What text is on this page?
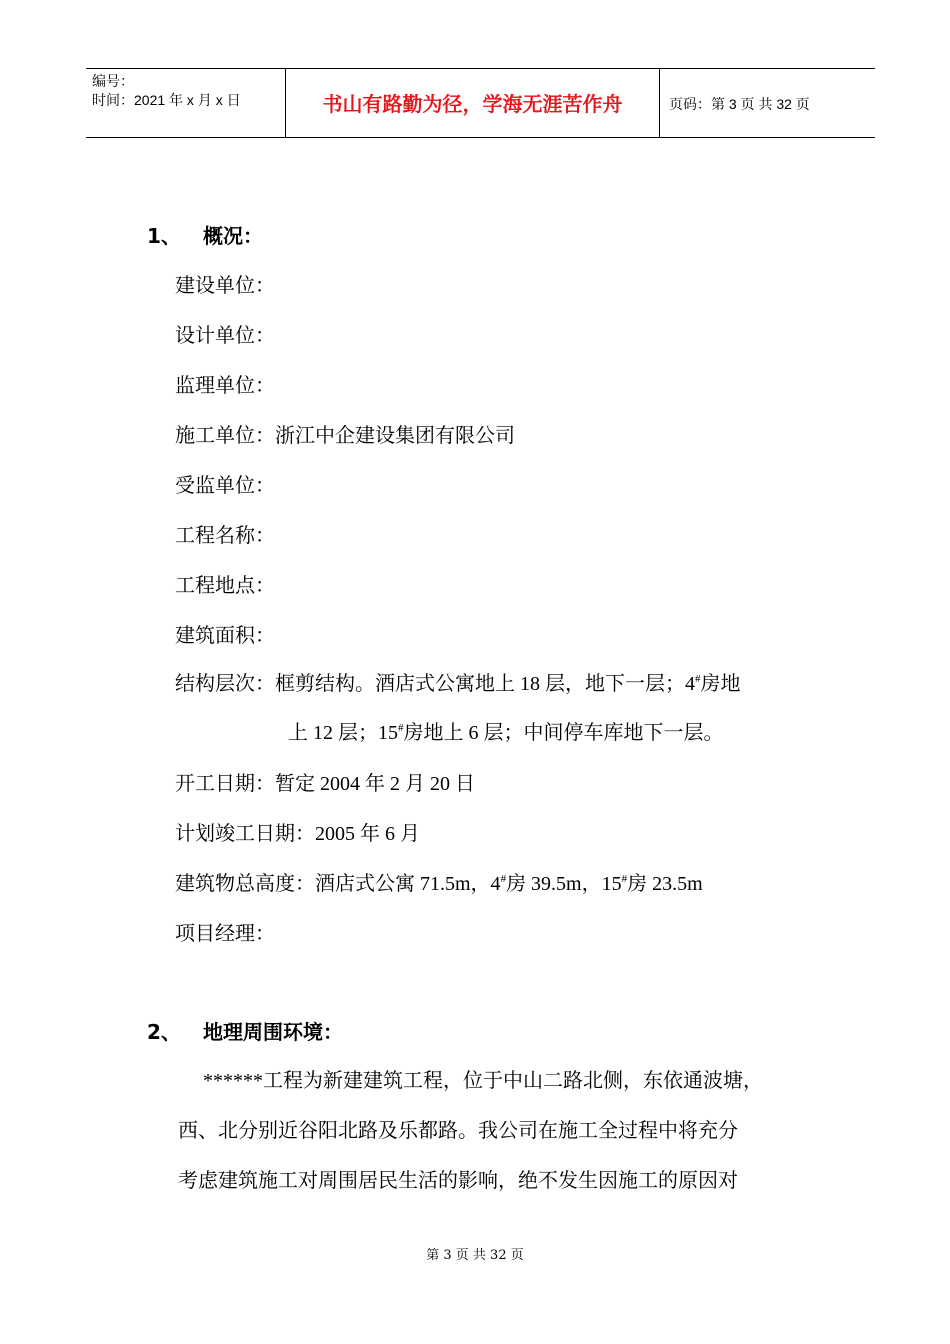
编号：
时间：2021 年 x 月 x 日	书山有路勤为径，学海无涯苦作舟	页码：第 3 页 共 32 页
1、 概况：
建设单位：
设计单位：
监理单位：
施工单位：浙江中企建设集团有限公司
受监单位：
工程名称：
工程地点：
建筑面积：
结构层次：框剪结构。酒店式公寓地上 18 层，地下一层；4#房地
上 12 层；15#房地上 6 层；中间停车库地下一层。
开工日期：暂定 2004 年 2 月 20 日
计划竣工日期：2005 年 6 月
建筑物总高度：酒店式公寓 71.5m，4#房 39.5m，15#房 23.5m
项目经理：
2、 地理周围环境：
******工程为新建建筑工程，位于中山二路北侧，东依通波塘，
西、北分别近谷阳北路及乐都路。我公司在施工全过程中将充分
考虑建筑施工对周围居民生活的影响，绝不发生因施工的原因对
第 3 页 共 32 页
